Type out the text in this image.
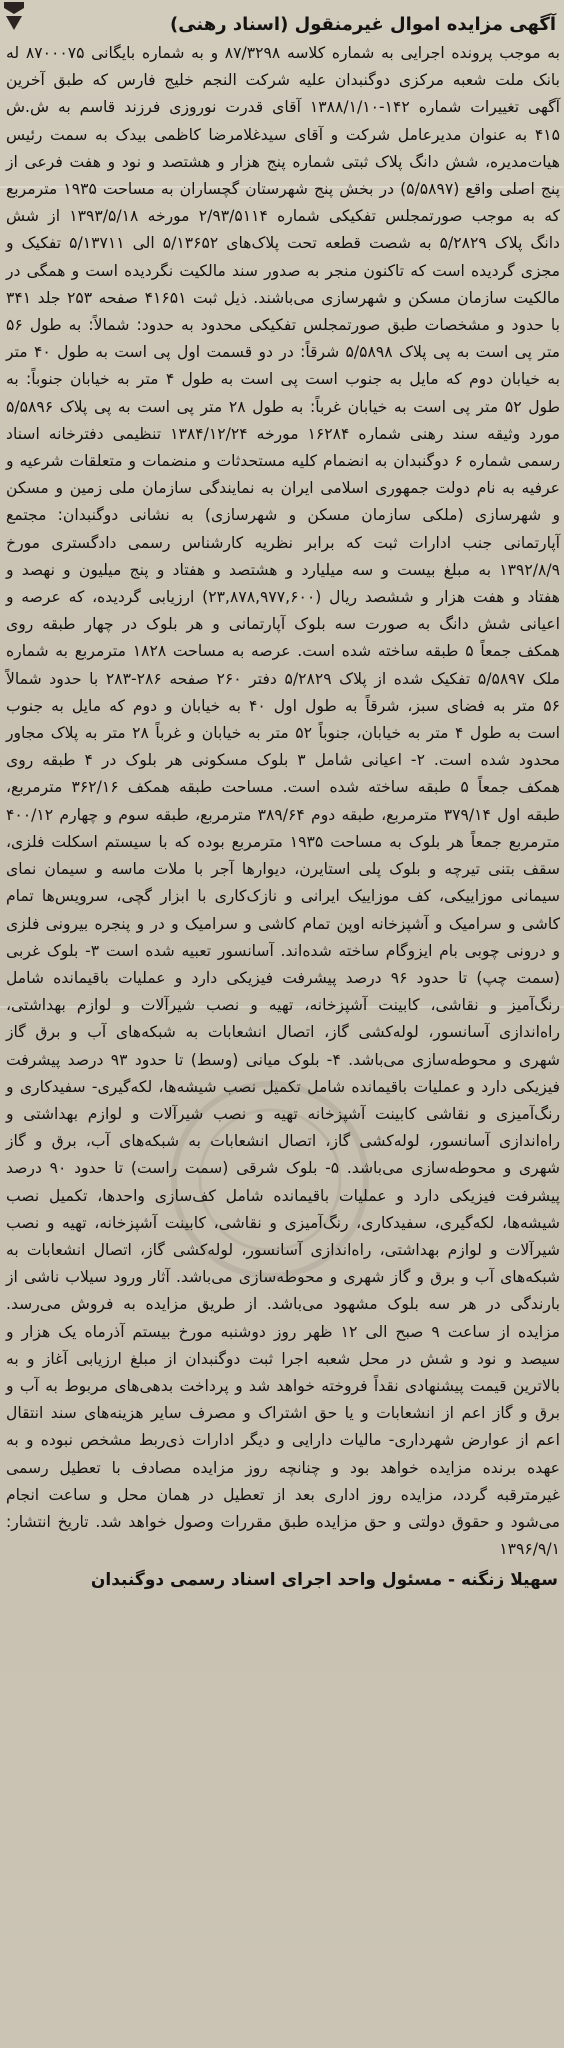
آگهی مزایده اموال غیرمنقول (اسناد رهنی)

به موجب پرونده اجرایی به شماره کلاسه ۸۷/۳۲۹۸ و به شماره بایگانی ۸۷۰۰۰۷۵ له بانک ملت شعبه مرکزی دوگنبدان علیه شرکت النجم خلیج فارس که طبق آخرین آگهی تغییرات شماره ۱۴۲-۱۳۸۸/۱/۱۰ آقای قدرت نوروزی فرزند قاسم به ش.ش ۴۱۵ به عنوان مدیرعامل شرکت و آقای سیدغلامرضا کاظمی بیدک به سمت رئیس هیات‌مدیره، شش دانگ پلاک ثبتی شماره پنج هزار و هشتصد و نود و هفت فرعی از پنج اصلی واقع (۵/۵۸۹۷) در بخش پنج شهرستان گچساران به مساحت ۱۹۳۵ مترمربع که به موجب صورتمجلس تفکیکی شماره ۲/۹۳/۵۱۱۴ مورخه ۱۳۹۳/۵/۱۸ از شش دانگ پلاک ۵/۲۸۲۹ به شصت قطعه تحت پلاک‌های ۵/۱۳۶۵۲ الی ۵/۱۳۷۱۱ تفکیک و مجزی گردیده است که تاکنون منجر به صدور سند مالکیت نگردیده است و همگی در مالکیت سازمان مسکن و شهرسازی می‌باشند. ذیل ثبت ۴۱۶۵۱ صفحه ۲۵۳ جلد ۳۴۱ با حدود و مشخصات طبق صورتمجلس تفکیکی محدود به حدود: شمالاً: به طول ۵۶ متر پی است به پی پلاک ۵/۵۸۹۸ شرقاً: در دو قسمت اول پی است به طول ۴۰ متر به خیابان دوم که مایل به جنوب است پی است به طول ۴ متر به خیابان جنوباً: به طول ۵۲ متر پی است به خیابان غرباً: به طول ۲۸ متر پی است به پی پلاک ۵/۵۸۹۶ مورد وثیقه سند رهنی شماره ۱۶۲۸۴ مورخه ۱۳۸۴/۱۲/۲۴ تنظیمی دفترخانه اسناد رسمی شماره ۶ دوگنبدان به انضمام کلیه مستحدثات و منضمات و متعلقات شرعیه و عرفیه به نام دولت جمهوری اسلامی ایران به نمایندگی سازمان ملی زمین و مسکن و شهرسازی (ملکی سازمان مسکن و شهرسازی) به نشانی دوگنبدان: مجتمع آپارتمانی جنب ادارات ثبت که برابر نظریه کارشناس رسمی دادگستری مورخ ۱۳۹۲/۸/۹ به مبلغ بیست و سه میلیارد و هشتصد و هفتاد و پنج میلیون و نهصد و هفتاد و هفت هزار و ششصد ریال (۲۳,۸۷۸,۹۷۷,۶۰۰) ارزیابی گردیده، که عرصه و اعیانی شش دانگ به صورت سه بلوک آپارتمانی و هر بلوک در چهار طبقه روی همکف جمعاً ۵ طبقه ساخته شده است. عرصه به مساحت ۱۸۲۸ مترمربع به شماره ملک ۵/۵۸۹۷ تفکیک شده از پلاک ۵/۲۸۲۹ دفتر ۲۶۰ صفحه ۲۸۶-۲۸۳ با حدود شمالاً ۵۶ متر به فضای سبز، شرقاً به طول اول ۴۰ به خیابان و دوم که مایل به جنوب است به طول ۴ متر به خیابان، جنوباً ۵۲ متر به خیابان و غرباً ۲۸ متر به پلاک مجاور محدود شده است. ۲- اعیانی شامل ۳ بلوک مسکونی هر بلوک در ۴ طبقه روی همکف جمعاً ۵ طبقه ساخته شده است. مساحت طبقه همکف ۳۶۲/۱۶ مترمربع، طبقه اول ۳۷۹/۱۴ مترمربع، طبقه دوم ۳۸۹/۶۴ مترمربع، طبقه سوم و چهارم ۴۰۰/۱۲ مترمربع جمعاً هر بلوک به مساحت ۱۹۳۵ مترمربع بوده که با سیستم اسکلت فلزی، سقف بتنی تیرچه و بلوک پلی استایرن، دیوارها آجر با ملات ماسه و سیمان نمای سیمانی موزاییکی، کف موزاییک ایرانی و نازک‌کاری با ابزار گچی، سرویس‌ها تمام کاشی و سرامیک و آشپزخانه اوپن تمام کاشی و سرامیک و در و پنجره بیرونی فلزی و درونی چوبی بام ایزوگام ساخته شده‌اند. آسانسور تعبیه شده است ۳- بلوک غربی (سمت چپ) تا حدود ۹۶ درصد پیشرفت فیزیکی دارد و عملیات باقیمانده شامل رنگ‌آمیز و نقاشی، کابینت آشپزخانه، تهیه و نصب شیرآلات و لوازم بهداشتی، راه‌اندازی آسانسور، لوله‌کشی گاز، اتصال انشعابات به شبکه‌های آب و برق گاز شهری و محوطه‌سازی می‌باشد. ۴- بلوک میانی (وسط) تا حدود ۹۳ درصد پیشرفت فیزیکی دارد و عملیات باقیمانده شامل تکمیل نصب شیشه‌ها، لکه‌گیری- سفیدکاری و رنگ‌آمیزی و نقاشی کابینت آشپزخانه تهیه و نصب شیرآلات و لوازم بهداشتی و راه‌اندازی آسانسور، لوله‌کشی گاز، اتصال انشعابات به شبکه‌های آب، برق و گاز شهری و محوطه‌سازی می‌باشد. ۵- بلوک شرقی (سمت راست) تا حدود ۹۰ درصد پیشرفت فیزیکی دارد و عملیات باقیمانده شامل کف‌سازی واحدها، تکمیل نصب شیشه‌ها، لکه‌گیری، سفیدکاری، رنگ‌آمیزی و نقاشی، کابینت آشپزخانه، تهیه و نصب شیرآلات و لوازم بهداشتی، راه‌اندازی آسانسور، لوله‌کشی گاز، اتصال انشعابات به شبکه‌های آب و برق و گاز شهری و محوطه‌سازی می‌باشد. آثار ورود سیلاب ناشی از بارندگی در هر سه بلوک مشهود می‌باشد. از طریق مزایده به فروش می‌رسد. مزایده از ساعت ۹ صبح الی ۱۲ ظهر روز دوشنبه مورخ بیستم آذرماه یک هزار و سیصد و نود و شش در محل شعبه اجرا ثبت دوگنبدان از مبلغ ارزیابی آغاز و به بالاترین قیمت پیشنهادی نقداً فروخته خواهد شد و پرداخت بدهی‌های مربوط به آب و برق و گاز اعم از انشعابات و یا حق اشتراک و مصرف سایر هزینه‌های سند انتقال اعم از عوارض شهرداری- مالیات دارایی و دیگر ادارات ذی‌ربط مشخص نبوده و به عهده برنده مزایده خواهد بود و چنانچه روز مزایده مصادف با تعطیل رسمی غیرمترقبه گردد، مزایده روز اداری بعد از تعطیل در همان محل و ساعت انجام می‌شود و حقوق دولتی و حق مزایده طبق مقررات وصول خواهد شد. تاریخ انتشار: ۱۳۹۶/۹/۱

سهیلا زنگنه - مسئول واحد اجرای اسناد رسمی دوگنبدان
